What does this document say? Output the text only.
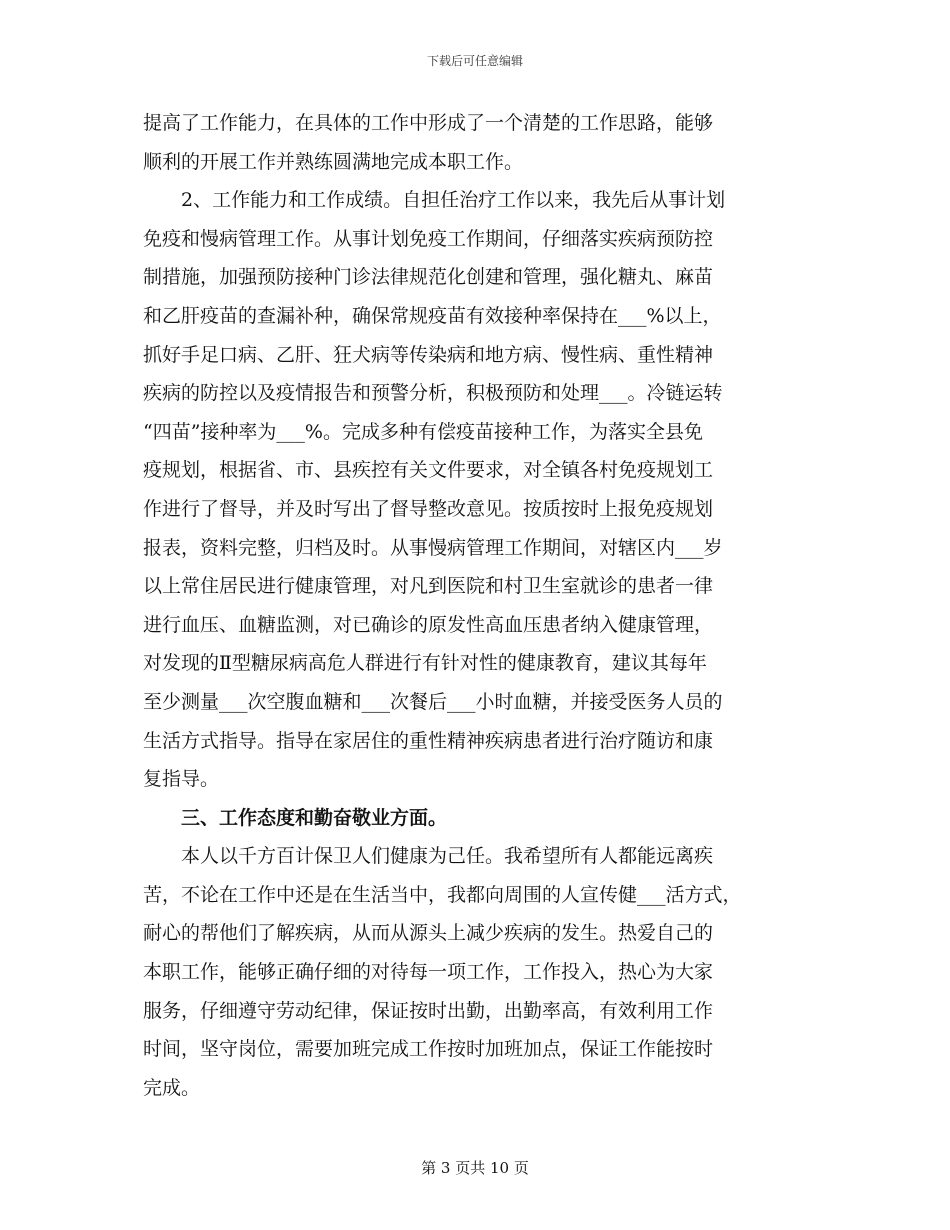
下载后可任意编辑
提高了工作能力，在具体的工作中形成了一个清楚的工作思路，能够
顺利的开展工作并熟练圆满地完成本职工作。
2、工作能力和工作成绩。自担任治疗工作以来，我先后从事计划
免疫和慢病管理工作。从事计划免疫工作期间，仔细落实疾病预防控
制措施，加强预防接种门诊法律规范化创建和管理，强化糖丸、麻苗
和乙肝疫苗的查漏补种，确保常规疫苗有效接种率保持在___%以上，
抓好手足口病、乙肝、狂犬病等传染病和地方病、慢性病、重性精神
疾病的防控以及疫情报告和预警分析，积极预防和处理___。冷链运转
“四苗”接种率为___%。完成多种有偿疫苗接种工作，为落实全县免
疫规划，根据省、市、县疾控有关文件要求，对全镇各村免疫规划工
作进行了督导，并及时写出了督导整改意见。按质按时上报免疫规划
报表，资料完整，归档及时。从事慢病管理工作期间，对辖区内___岁
以上常住居民进行健康管理，对凡到医院和村卫生室就诊的患者一律
进行血压、血糖监测，对已确诊的原发性高血压患者纳入健康管理，
对发现的Ⅱ型糖尿病高危人群进行有针对性的健康教育，建议其每年
至少测量___次空腹血糖和___次餐后___小时血糖，并接受医务人员的
生活方式指导。指导在家居住的重性精神疾病患者进行治疗随访和康
复指导。
三、工作态度和勤奋敬业方面。
本人以千方百计保卫人们健康为己任。我希望所有人都能远离疾
苦，不论在工作中还是在生活当中，我都向周围的人宣传健___活方式，
耐心的帮他们了解疾病，从而从源头上减少疾病的发生。热爱自己的
本职工作，能够正确仔细的对待每一项工作，工作投入，热心为大家
服务，仔细遵守劳动纪律，保证按时出勤，出勤率高，有效利用工作
时间，坚守岗位，需要加班完成工作按时加班加点，保证工作能按时
完成。
第 3 页共 10 页
